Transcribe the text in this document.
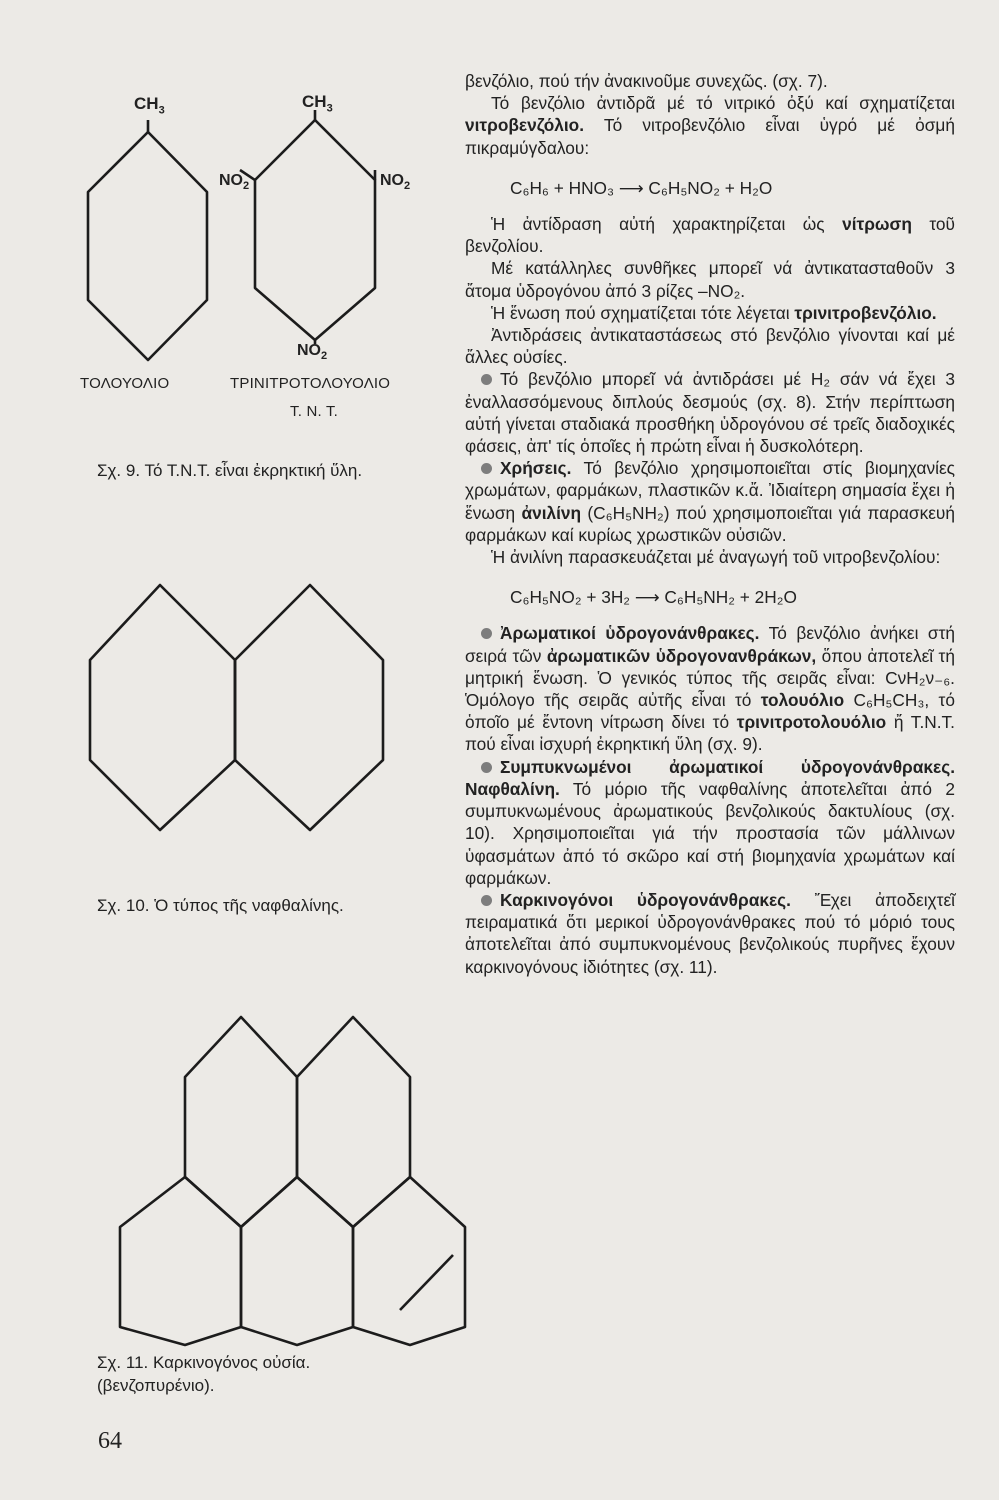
$CH_3$	$CH_3$
$NO_2$	$NO_2$
$NO_2$
ΤΟΛΟΥΟΛΙΟ	ΤΡΙΝΙΤΡΟΤΟΛΟΥΟΛΙΟ
Τ. Ν. Τ.
Σχ. 9. Τό Τ.Ν.Τ. εἶναι ἐκρηκτική ὕλη.
Σχ. 10. Ὁ τύπος τῆς ναφθαλίνης.
Σχ. 11. Καρκινογόνος οὐσία.
(βενζοπυρένιο).
64

βενζόλιο, πού τήν ἀνακινοῦμε συνεχῶς. (σχ. 7).

Τό βενζόλιο ἀντιδρᾶ μέ τό νιτρικό ὀξύ καί σχηματίζεται νιτροβενζόλιο. Τό νιτροβενζόλιο εἶναι ὑγρό μέ ὀσμή πικραμύγδαλου:

C₆H₆ + HNO₃ ⟶ C₆H₅NO₂ + H₂O

Ἡ ἀντίδραση αὐτή χαρακτηρίζεται ὡς νίτρωση τοῦ βενζολίου.

Μέ κατάλληλες συνθῆκες μπορεῖ νά ἀντικατασταθοῦν 3 ἄτομα ὑδρογόνου ἀπό 3 ρίζες –NO₂.

Ἡ ἕνωση πού σχηματίζεται τότε λέγεται τρινιτροβενζόλιο.

Ἀντιδράσεις ἀντικαταστάσεως στό βενζόλιο γίνονται καί μέ ἄλλες οὐσίες.

Τό βενζόλιο μπορεῖ νά ἀντιδράσει μέ H₂ σάν νά ἔχει 3 ἐναλλασσόμενους διπλούς δεσμούς (σχ. 8). Στήν περίπτωση αὐτή γίνεται σταδιακά προσθήκη ὑδρογόνου σέ τρεῖς διαδοχικές φάσεις, ἀπ' τίς ὁποῖες ἡ πρώτη εἶναι ἡ δυσκολότερη.

Χρήσεις. Τό βενζόλιο χρησιμοποιεῖται στίς βιομηχανίες χρωμάτων, φαρμάκων, πλαστικῶν κ.ἄ. Ἰδιαίτερη σημασία ἔχει ἡ ἕνωση ἀνιλίνη (C₆H₅NH₂) πού χρησιμοποιεῖται γιά παρασκευή φαρμάκων καί κυρίως χρωστικῶν οὐσιῶν.

Ἡ ἀνιλίνη παρασκευάζεται μέ ἀναγωγή τοῦ νιτροβενζολίου:

C₆H₅NO₂ + 3H₂ ⟶ C₆H₅NH₂ + 2H₂O

Ἀρωματικοί ὑδρογονάνθρακες. Τό βενζόλιο ἀνήκει στή σειρά τῶν ἀρωματικῶν ὑδρογονανθράκων, ὅπου ἀποτελεῖ τή μητρική ἕνωση. Ὁ γενικός τύπος τῆς σειρᾶς εἶναι: CνH₂ν₋₆. Ὁμόλογο τῆς σειρᾶς αὐτῆς εἶναι τό τολουόλιο C₆H₅CH₃, τό ὁποῖο μέ ἔντονη νίτρωση δίνει τό τρινιτροτολουόλιο ἤ Τ.Ν.Τ. πού εἶναι ἰσχυρή ἐκρηκτική ὕλη (σχ. 9).

Συμπυκνωμένοι ἀρωματικοί ὑδρογονάνθρακες. Ναφθαλίνη. Τό μόριο τῆς ναφθαλίνης ἀποτελεῖται ἀπό 2 συμπυκνωμένους ἀρωματικούς βενζολικούς δακτυλίους (σχ. 10). Χρησιμοποιεῖται γιά τήν προστασία τῶν μάλλινων ὑφασμάτων ἀπό τό σκῶρο καί στή βιομηχανία χρωμάτων καί φαρμάκων.

Καρκινογόνοι ὑδρογονάνθρακες. Ἔχει ἀποδειχτεῖ πειραματικά ὅτι μερικοί ὑδρογονάνθρακες πού τό μόριό τους ἀποτελεῖται ἀπό συμπυκνομένους βενζολικούς πυρῆνες ἔχουν καρκινογόνους ἰδιότητες (σχ. 11).
